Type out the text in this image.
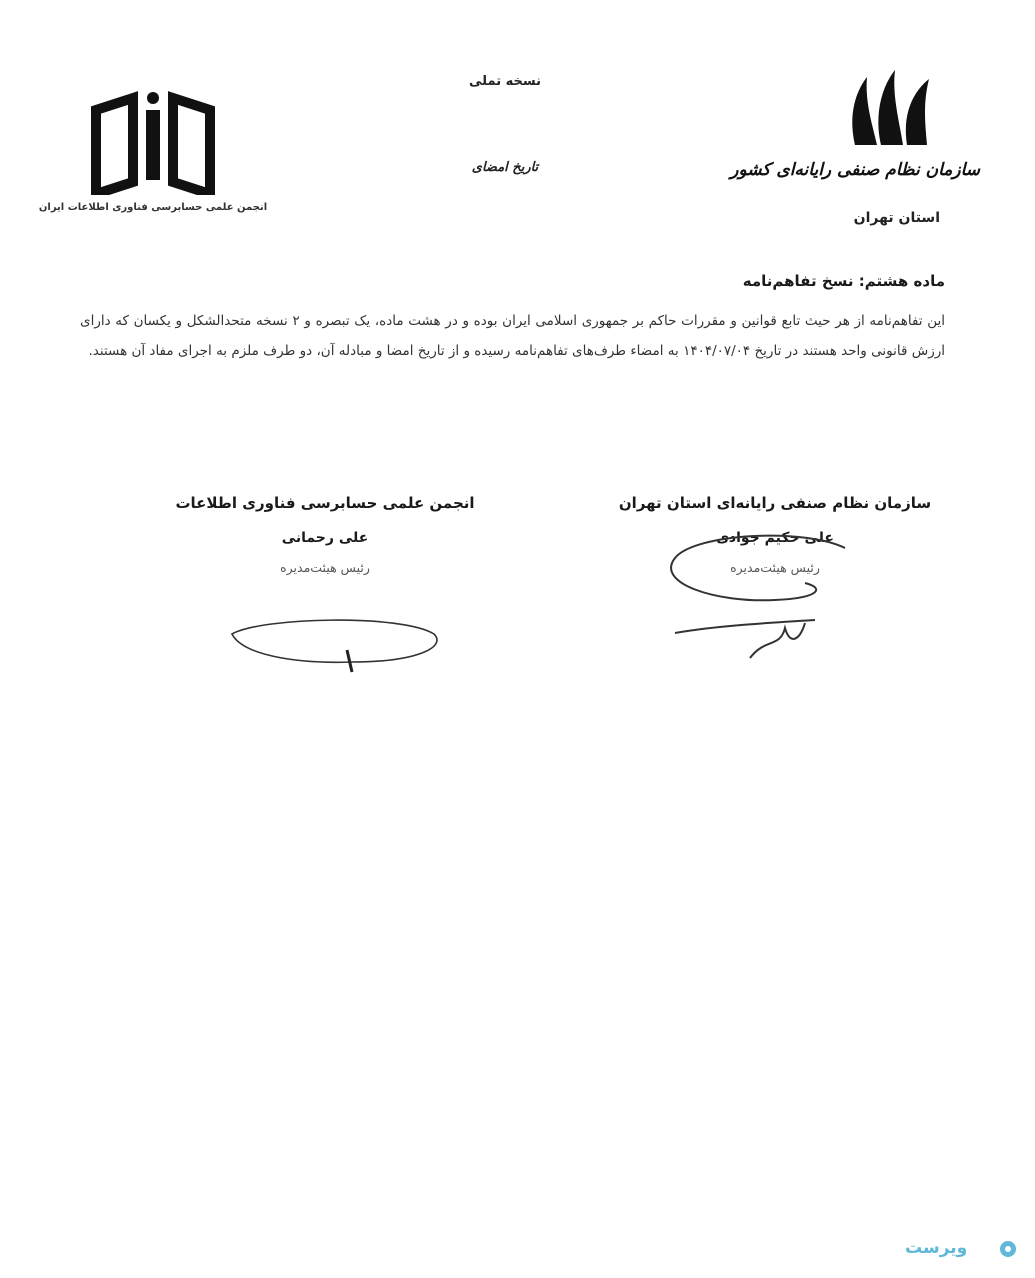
انجمن علمی حسابرسی فناوری اطلاعات ایران
نسخه تملی
تاریخ امضای	سازمان نظام صنفی رایانه‌ای کشور
استان تهران
ماده هشتم: نسخ تفاهم‌نامه
این تفاهم‌نامه از هر حیث تابع قوانین و مقررات حاکم بر جمهوری اسلامی ایران بوده و در هشت ماده، یک تبصره و ۲ نسخه متحدالشکل و یکسان که دارای ارزش قانونی واحد هستند در تاریخ ۱۴۰۴/۰۷/۰۴ به امضاء طرف‌های تفاهم‌نامه رسیده و از تاریخ امضا و مبادله آن، دو طرف ملزم به اجرای مفاد آن هستند.
سازمان نظام صنفی رایانه‌ای استان تهران
علی حکیم جوادی
رئیس هیئت‌مدیره
انجمن علمی حسابرسی فناوری اطلاعات
علی رحمانی
رئیس هیئت‌مدیره
ویرست
